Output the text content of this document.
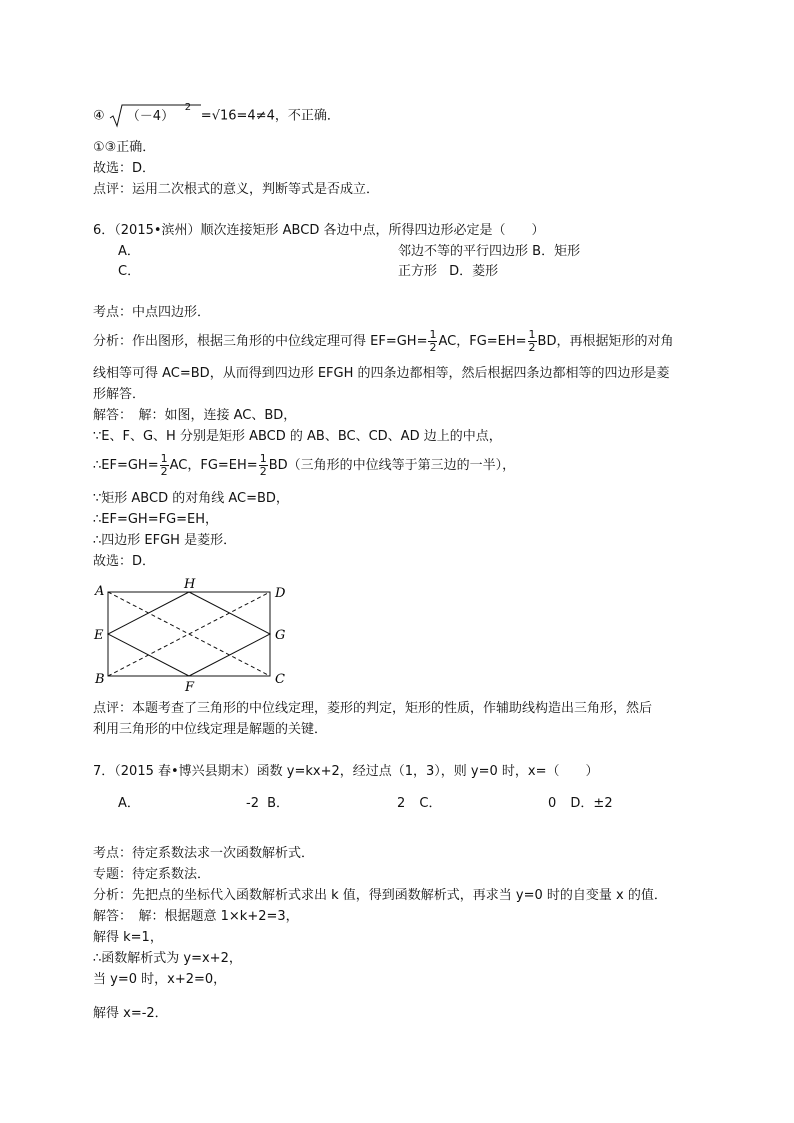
④ （－4）
2
=√16=4≠4，不正确．
①③正确．
故选：D．
点评：运用二次根式的意义，判断等式是否成立．
6．（2015•滨州）顺次连接矩形 ABCD 各边中点，所得四边形必定是（　　）
A．	邻边不等的平行四边形 B．矩形
C．	正方形 D．菱形
考点：中点四边形．
分析：作出图形，根据三角形的中位线定理可得 $EF=GH= \frac{1}{2}$ AC，$FG=EH= \frac{1}{2}$ BD，再根据矩形的对角
线相等可得 AC=BD，从而得到四边形 EFGH 的四条边都相等，然后根据四条边都相等的四边形是菱
形解答．
解答：　解：如图，连接 AC、BD，
∵E、F、G、H 分别是矩形 ABCD 的 AB、BC、CD、AD 边上的中点，
∴EF=GH= $\frac{1}{2}$ AC，$FG=EH= \frac{1}{2} BD$（三角形的中位线等于第三边的一半），
∵矩形 ABCD 的对角线 AC=BD，
∴EF=GH=FG=EH，
∴四边形 EFGH 是菱形．
故选：D．
A
B	C
D
E
F
G
H
点评：本题考查了三角形的中位线定理，菱形的判定，矩形的性质，作辅助线构造出三角形，然后
利用三角形的中位线定理是解题的关键．
7．（2015 春•博兴县期末）函数 y=kx+2，经过点（1，3），则 y=0 时，x=（　　）
A．	-2 B．	2 C．	0 D．±2
考点：待定系数法求一次函数解析式．
专题：待定系数法．
分析：先把点的坐标代入函数解析式求出 k 值，得到函数解析式，再求当 y=0 时的自变量 x 的值．
解答：　解：根据题意 1×k+2=3，
解得 k=1，
∴函数解析式为 y=x+2，
当 y=0 时，x+2=0，
解得 x=-2．
